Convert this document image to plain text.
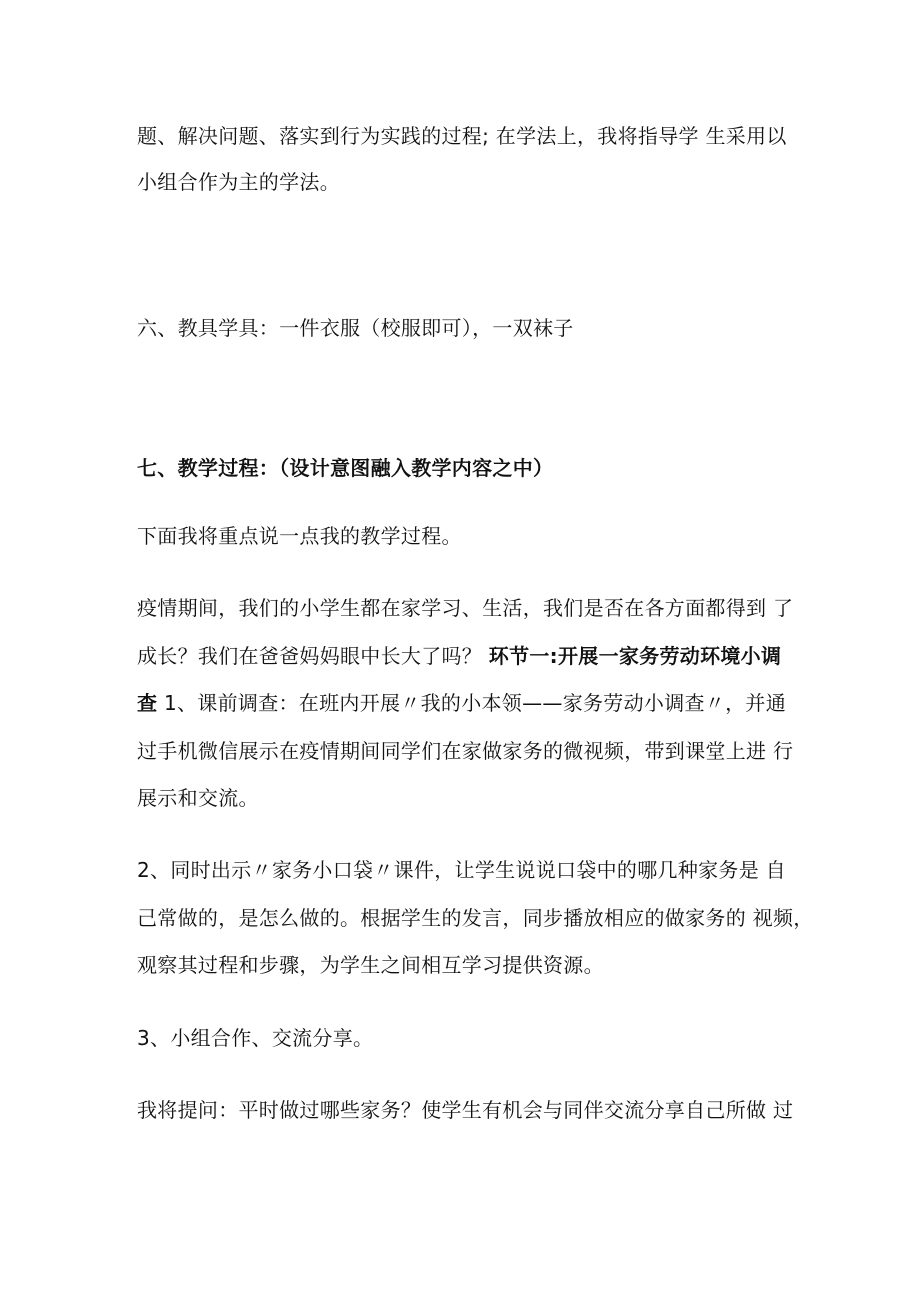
题、解决问题、落实到行为实践的过程; 在学法上，我将指导学 生采用以
小组合作为主的学法。
六、教具学具：一件衣服（校服即可），一双袜子
七、教学过程：（设计意图融入教学内容之中）
下面我将重点说一点我的教学过程。
疫情期间，我们的小学生都在家学习、生活，我们是否在各方面都得到 了
成长？我们在爸爸妈妈眼中长大了吗？ 环节一:开展一家务劳动环境小调
查 1、课前调查：在班内开展〃我的小本领——家务劳动小调查〃，并通
过手机微信展示在疫情期间同学们在家做家务的微视频，带到课堂上进 行
展示和交流。
2、同时出示〃家务小口袋〃课件，让学生说说口袋中的哪几种家务是 自
己常做的，是怎么做的。根据学生的发言，同步播放相应的做家务的 视频，
观察其过程和步骤，为学生之间相互学习提供资源。
3、小组合作、交流分享。
我将提问：平时做过哪些家务？使学生有机会与同伴交流分享自己所做 过
